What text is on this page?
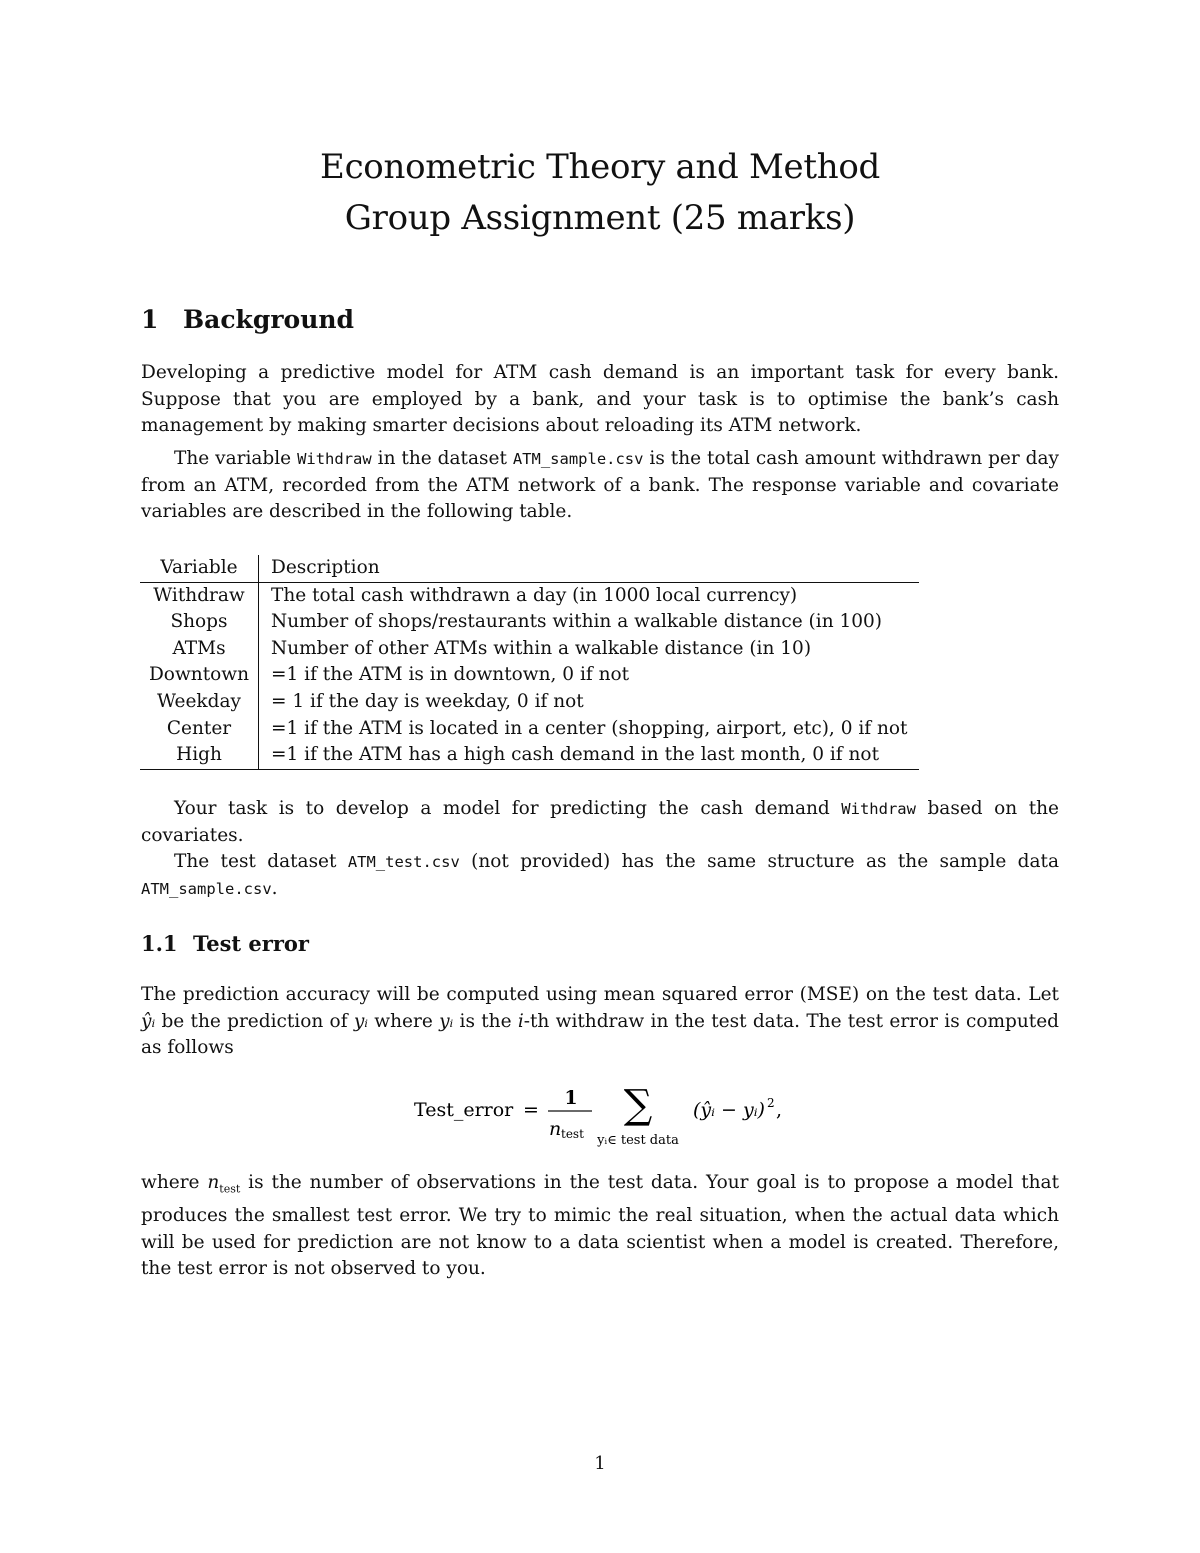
Econometric Theory and Method
Group Assignment (25 marks)
1 Background

Developing a predictive model for ATM cash demand is an important task for every bank. Suppose that you are employed by a bank, and your task is to optimise the bank’s cash management by making smarter decisions about reloading its ATM network.

The variable Withdraw in the dataset ATM_sample.csv is the total cash amount withdrawn per day from an ATM, recorded from the ATM network of a bank. The response variable and covariate variables are described in the following table.

Variable	Description
Withdraw	The total cash withdrawn a day (in 1000 local currency)
Shops	Number of shops/restaurants within a walkable distance (in 100)
ATMs	Number of other ATMs within a walkable distance (in 10)
Downtown	=1 if the ATM is in downtown, 0 if not
Weekday	= 1 if the day is weekday, 0 if not
Center	=1 if the ATM is located in a center (shopping, airport, etc), 0 if not
High	=1 if the ATM has a high cash demand in the last month, 0 if not

Your task is to develop a model for predicting the cash demand Withdraw based on the covariates.

The test dataset ATM_test.csv (not provided) has the same structure as the sample data ATM_sample.csv.

1.1 Test error

The prediction accuracy will be computed using mean squared error (MSE) on the test data. Let ŷᵢ be the prediction of yᵢ where yᵢ is the i-th withdraw in the test data. The test error is computed as follows

Test_error =
1
n test
∑
yᵢ∈ test data
(ŷᵢ − yᵢ) 2 ,

where $n_{test}$ is the number of observations in the test data. Your goal is to propose a model that produces the smallest test error. We try to mimic the real situation, when the actual data which will be used for prediction are not know to a data scientist when a model is created. Therefore, the test error is not observed to you.

1
